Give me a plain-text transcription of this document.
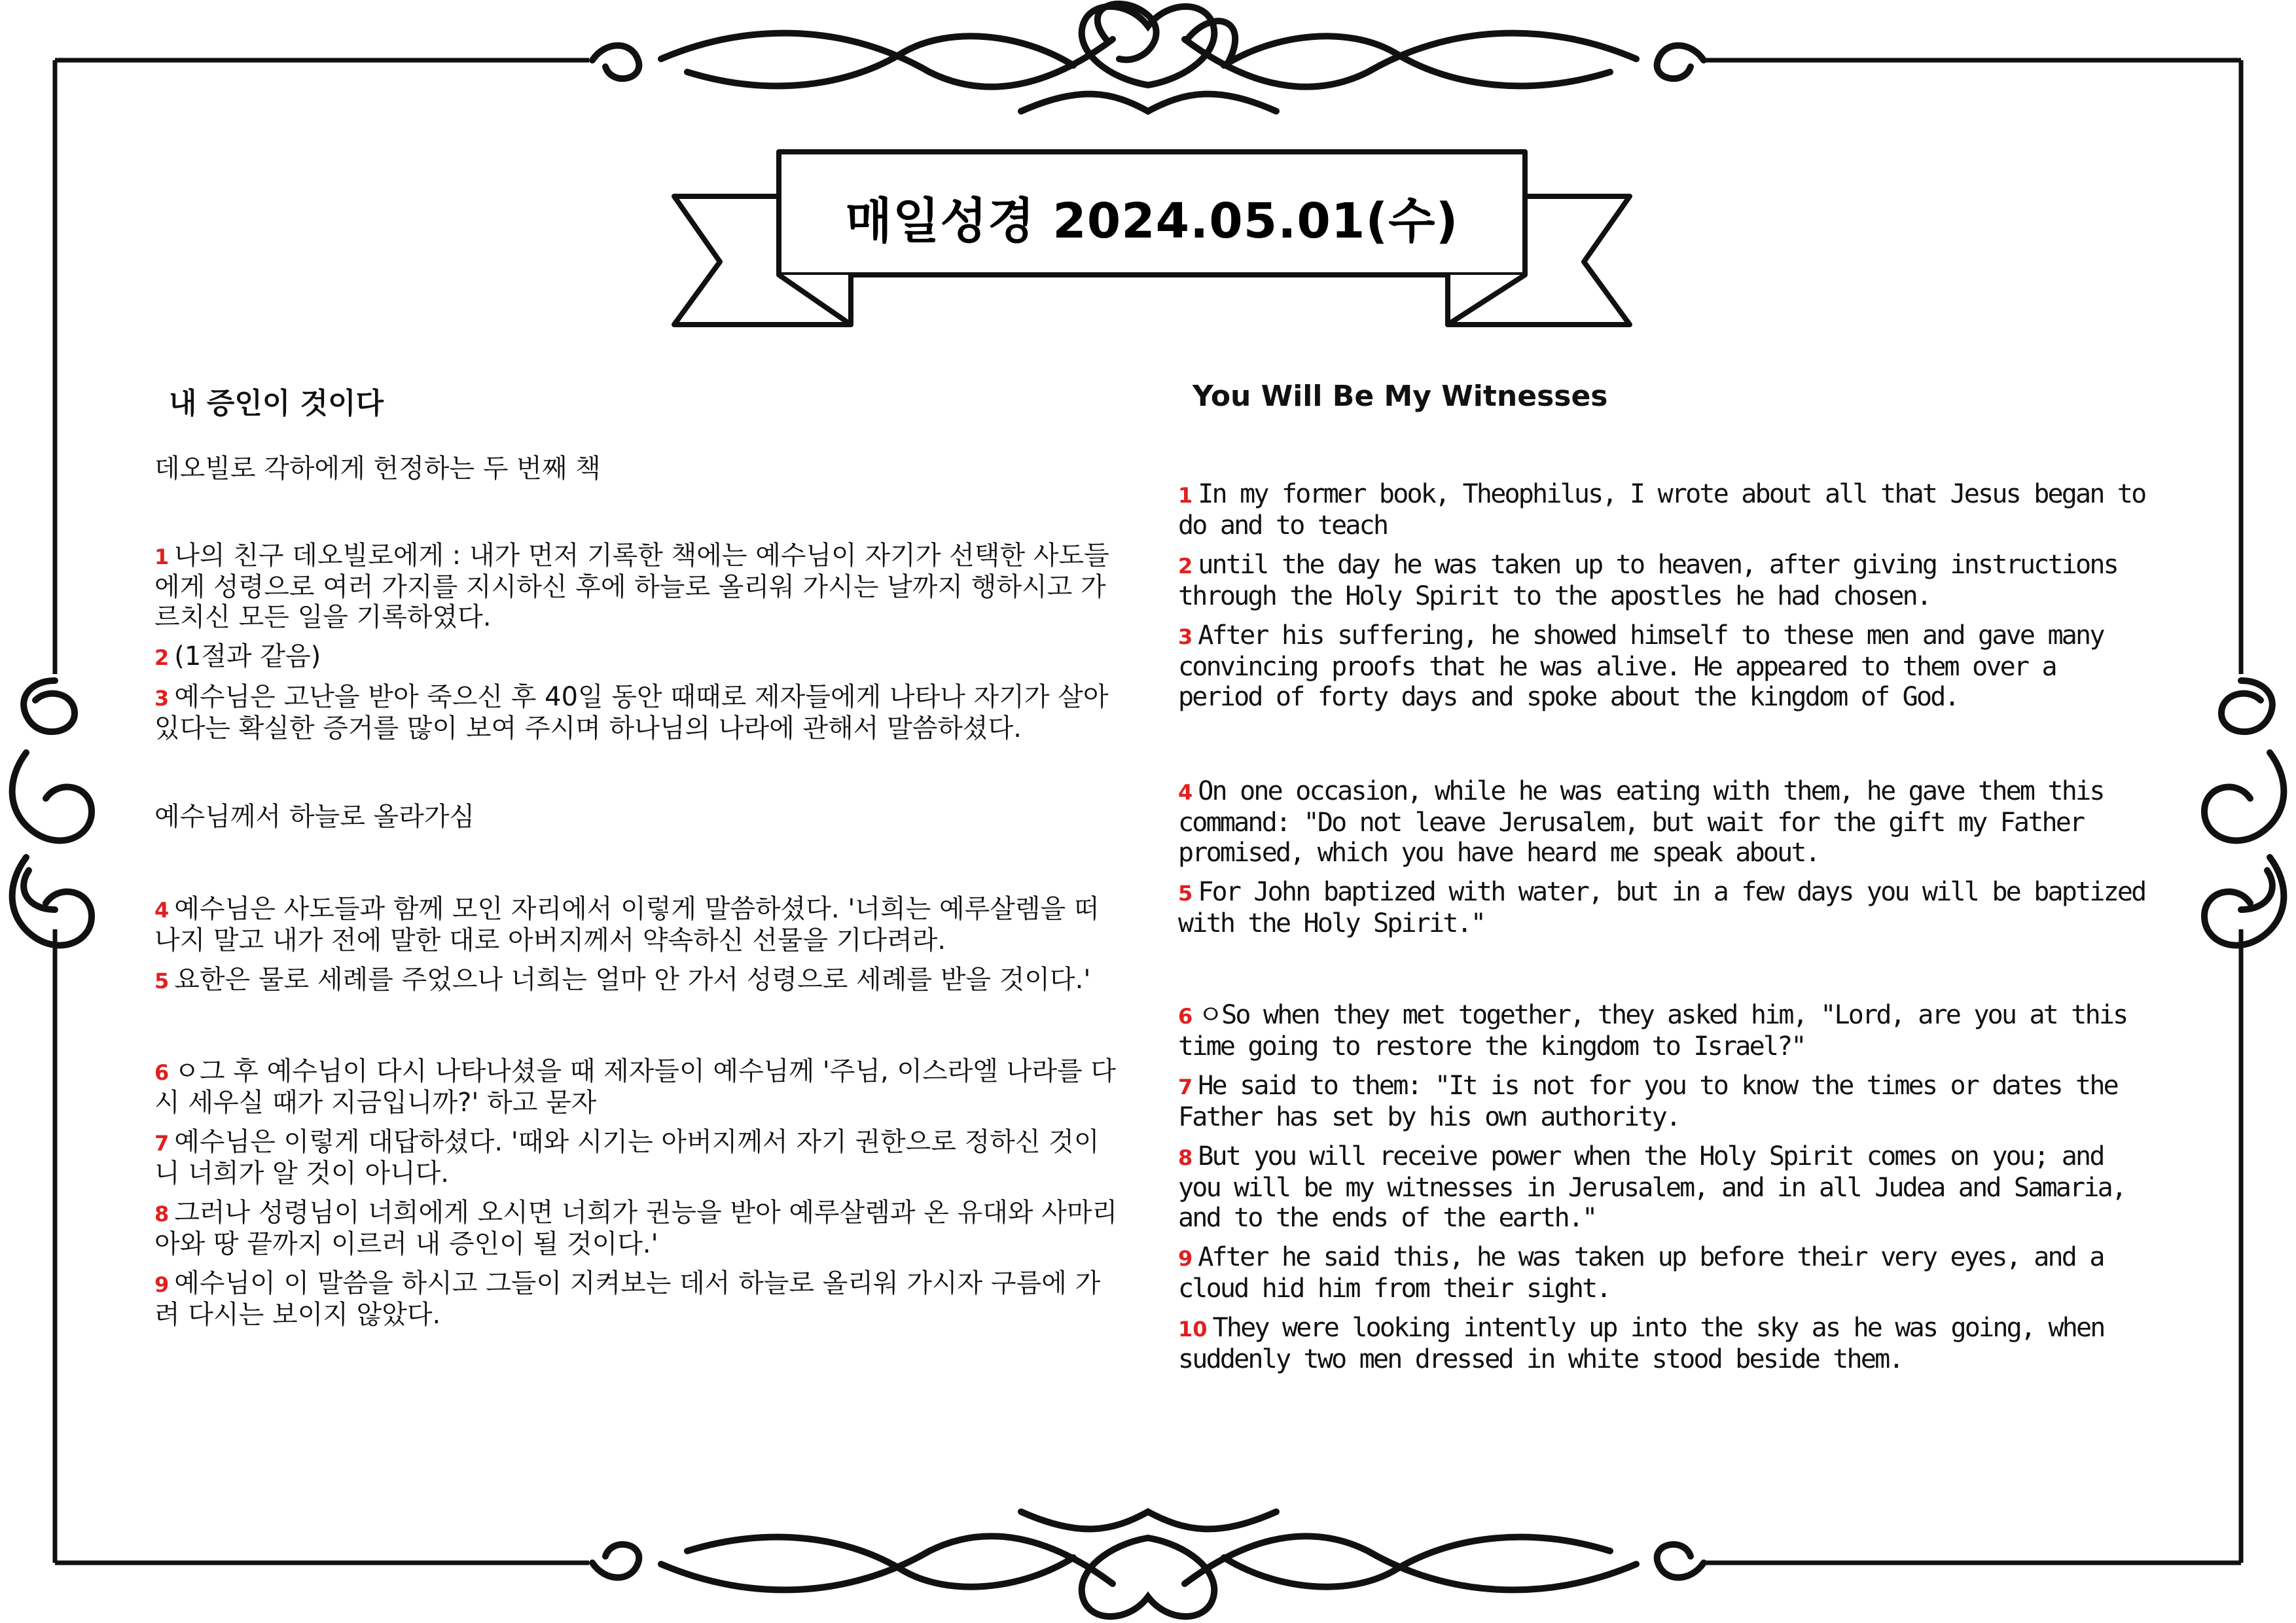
매일성경 2024.05.01(수)
내 증인이 것이다
데오빌로 각하에게 헌정하는 두 번째 책
1 나의 친구 데오빌로에게 : 내가 먼저 기록한 책에는 예수님이 자기가 선택한 사도들에게 성령으로 여러 가지를 지시하신 후에 하늘로 올리워 가시는 날까지 행하시고 가르치신 모든 일을 기록하였다.
2 (1절과 같음)
3 예수님은 고난을 받아 죽으신 후 40일 동안 때때로 제자들에게 나타나 자기가 살아 있다는 확실한 증거를 많이 보여 주시며 하나님의 나라에 관해서 말씀하셨다.
예수님께서 하늘로 올라가심
4 예수님은 사도들과 함께 모인 자리에서 이렇게 말씀하셨다. '너희는 예루살렘을 떠나지 말고 내가 전에 말한 대로 아버지께서 약속하신 선물을 기다려라.
5 요한은 물로 세례를 주었으나 너희는 얼마 안 가서 성령으로 세례를 받을 것이다.'
6 ㅇ그 후 예수님이 다시 나타나셨을 때 제자들이 예수님께 '주님, 이스라엘 나라를 다시 세우실 때가 지금입니까?' 하고 묻자
7 예수님은 이렇게 대답하셨다. '때와 시기는 아버지께서 자기 권한으로 정하신 것이니 너희가 알 것이 아니다.
8 그러나 성령님이 너희에게 오시면 너희가 권능을 받아 예루살렘과 온 유대와 사마리아와 땅 끝까지 이르러 내 증인이 될 것이다.'
9 예수님이 이 말씀을 하시고 그들이 지켜보는 데서 하늘로 올리워 가시자 구름에 가려 다시는 보이지 않았다.
You Will Be My Witnesses
1 In my former book, Theophilus, I wrote about all that Jesus began to do and to teach
2 until the day he was taken up to heaven, after giving instructions through the Holy Spirit to the apostles he had chosen.
3 After his suffering, he showed himself to these men and gave many convincing proofs that he was alive. He appeared to them over a period of forty days and spoke about the kingdom of God.
4 On one occasion, while he was eating with them, he gave them this command: "Do not leave Jerusalem, but wait for the gift my Father promised, which you have heard me speak about.
5 For John baptized with water, but in a few days you will be baptized with the Holy Spirit."
6 ㅇSo when they met together, they asked him, "Lord, are you at this time going to restore the kingdom to Israel?"
7 He said to them: "It is not for you to know the times or dates the Father has set by his own authority.
8 But you will receive power when the Holy Spirit comes on you; and you will be my witnesses in Jerusalem, and in all Judea and Samaria, and to the ends of the earth."
9 After he said this, he was taken up before their very eyes, and a cloud hid him from their sight.
10 They were looking intently up into the sky as he was going, when suddenly two men dressed in white stood beside them.
